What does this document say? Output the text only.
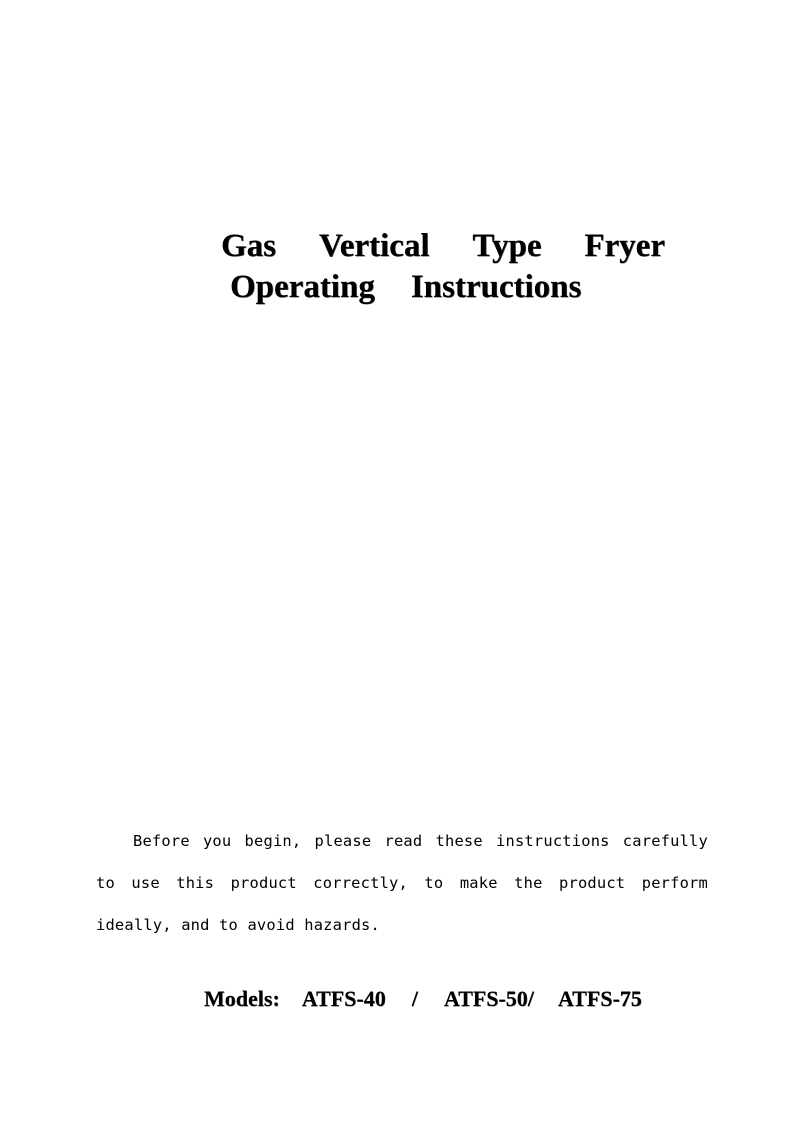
Gas Vertical Type Fryer
Operating Instructions

Before you begin, please read these instructions carefully to use this product correctly, to make the product perform ideally, and to avoid hazards.

Models: ATFS-40 / ATFS-50/ ATFS-75
